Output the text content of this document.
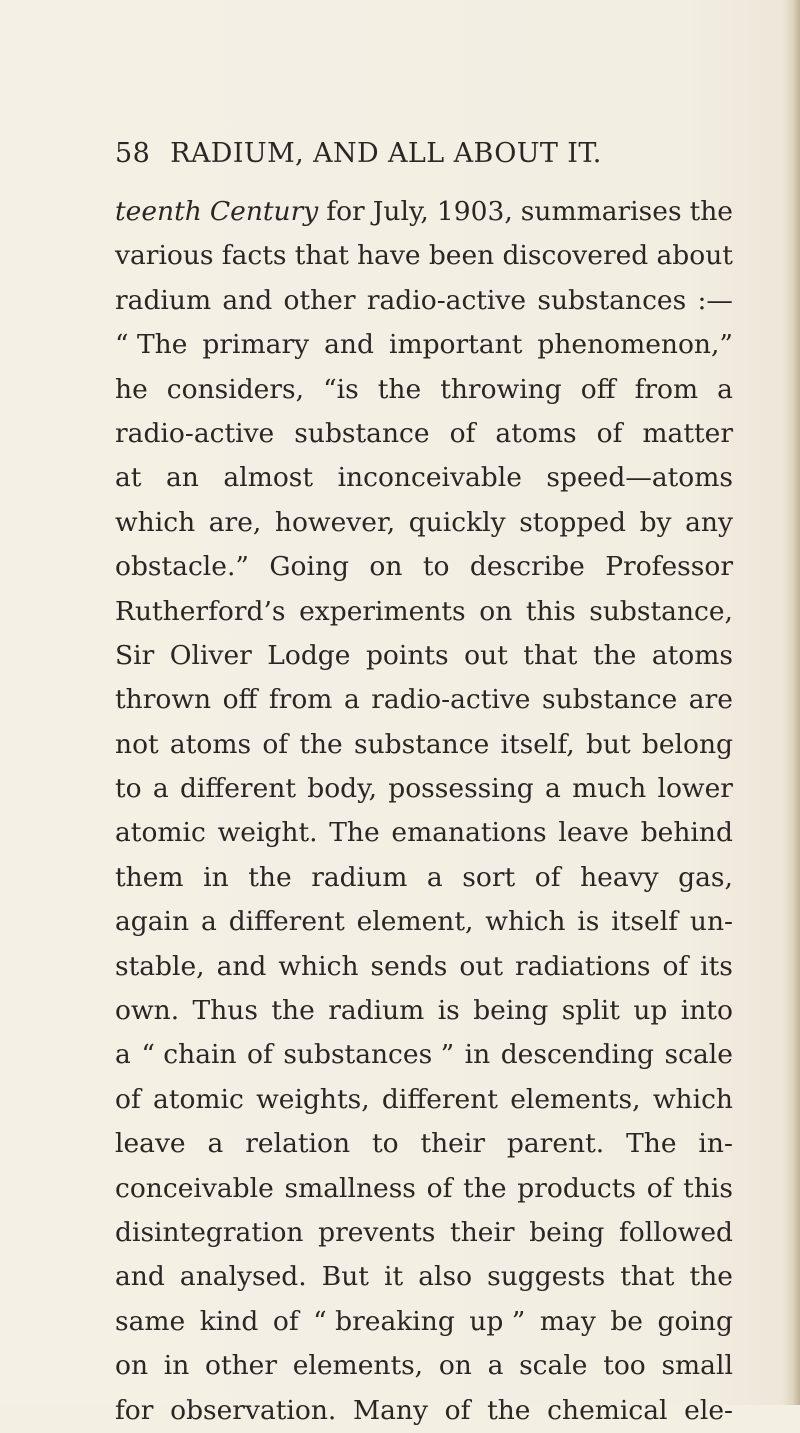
58 RADIUM, AND ALL ABOUT IT.
teenth Century for July, 1903, summarises the
various facts that have been discovered about
radium and other radio-active substances :—
“ The primary and important phenomenon,”
he considers, “is the throwing off from a
radio-active substance of atoms of matter
at an almost inconceivable speed—atoms
which are, however, quickly stopped by any
obstacle.” Going on to describe Professor
Rutherford’s experiments on this substance,
Sir Oliver Lodge points out that the atoms
thrown off from a radio-active substance are
not atoms of the substance itself, but belong
to a different body, possessing a much lower
atomic weight. The emanations leave behind
them in the radium a sort of heavy gas,
again a different element, which is itself un-
stable, and which sends out radiations of its
own. Thus the radium is being split up into
a “ chain of substances ” in descending scale
of atomic weights, different elements, which
leave a relation to their parent. The in-
conceivable smallness of the products of this
disintegration prevents their being followed
and analysed. But it also suggests that the
same kind of “ breaking up ” may be going
on in other elements, on a scale too small
for observation. Many of the chemical ele-
